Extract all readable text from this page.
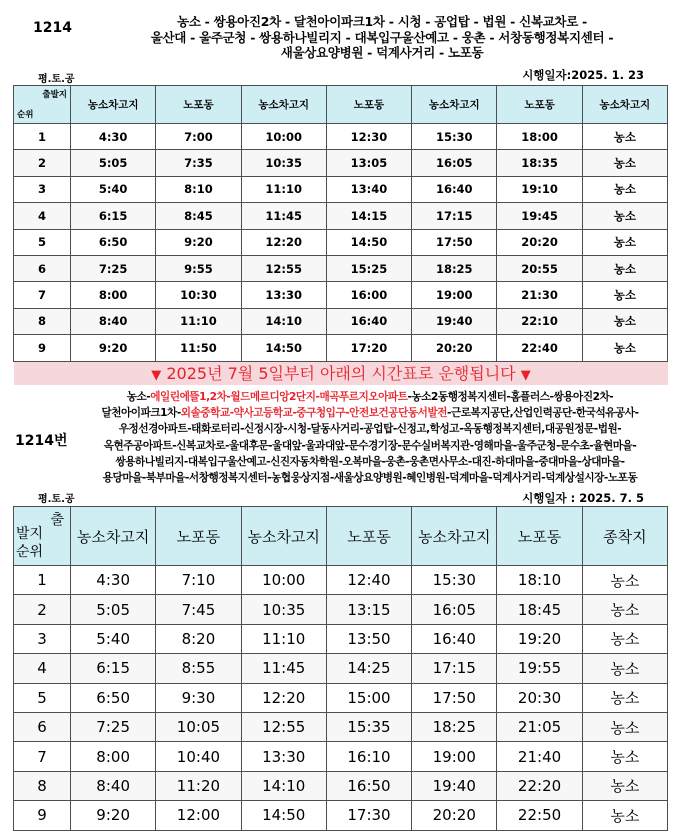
1214	농소 - 쌍용아진2차 - 달천아이파크1차 - 시청 - 공업탑 - 법원 - 신복교차로 -
울산대 - 울주군청 - 쌍용하나빌리지 - 대복입구울산예고 - 웅촌 - 서창동행정복지센터 -
새울상요양병원 - 덕계사거리 - 노포동
평.토.공	시행일자:2025. 1. 23
출발지
순위	농소차고지	노포동	농소차고지	노포동	농소차고지	노포동	농소차고지
1	4:30	7:00	10:00	12:30	15:30	18:00	농소
2	5:05	7:35	10:35	13:05	16:05	18:35	농소
3	5:40	8:10	11:10	13:40	16:40	19:10	농소
4	6:15	8:45	11:45	14:15	17:15	19:45	농소
5	6:50	9:20	12:20	14:50	17:50	20:20	농소
6	7:25	9:55	12:55	15:25	18:25	20:55	농소
7	8:00	10:30	13:30	16:00	19:00	21:30	농소
8	8:40	11:10	14:10	16:40	19:40	22:10	농소
9	9:20	11:50	14:50	17:20	20:20	22:40	농소
▼ 2025년 7월 5일부터 아래의 시간표로 운행됩니다 ▼
1214번
농소-에일린에뜰1,2차-월드메르디앙2단지-매곡푸르지오아파트-농소2동행정복지센터-홈플러스-쌍용아진2차-
달천아이파크1차-외솔중학교-약사고등학교-중구청입구-안전보건공단동서발전-근로복지공단,산업인력공단-한국석유공사-
우정선경아파트-태화로터리-신정시장-시청-달동사거리-공업탑-신정고,학성고-옥동행정복지센터,대공원정문-법원-
옥현주공아파트-신복교차로-울대후문-울대앞-울과대앞-문수경기장-문수실버복지관-영해마을-울주군청-문수초-율현마을-
쌍용하나빌리지-대복입구울산예고-신진자동차학원-오복마을-웅촌-웅촌면사무소-대진-하대마을-중대마을-상대마을-
용당마을-북부마을-서창행정복지센터-농협웅상지점-새울상요양병원-혜인병원-덕계마을-덕계사거리-덕계상설시장-노포동
평.토.공	시행일자 : 2025. 7. 5
출
발지
순위	농소차고지	노포동	농소차고지	노포동	농소차고지	노포동	종착지
1	4:30	7:10	10:00	12:40	15:30	18:10	농소
2	5:05	7:45	10:35	13:15	16:05	18:45	농소
3	5:40	8:20	11:10	13:50	16:40	19:20	농소
4	6:15	8:55	11:45	14:25	17:15	19:55	농소
5	6:50	9:30	12:20	15:00	17:50	20:30	농소
6	7:25	10:05	12:55	15:35	18:25	21:05	농소
7	8:00	10:40	13:30	16:10	19:00	21:40	농소
8	8:40	11:20	14:10	16:50	19:40	22:20	농소
9	9:20	12:00	14:50	17:30	20:20	22:50	농소
